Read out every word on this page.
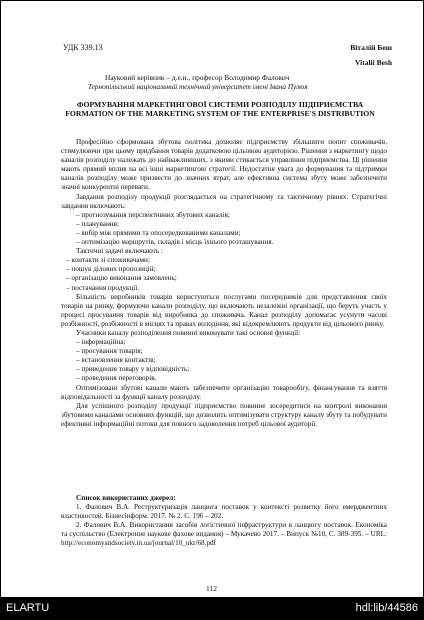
УДК 339.13	Віталій Беш
Vitalii Besh
Науковий керівник – д.е.н., професор Володимир Фалович
Тернопільський національний технічний університет імені Івана Пулюя
ФОРМУВАННЯ МАРКЕТИНГОВОЇ СИСТЕМИ РОЗПОДІЛУ ПІДПРИЄМСТВА
FORMATION OF THE MARKETING SYSTEM OF THE ENTERPRISE'S DISTRIBUTION

Професійно сформована збутова політика дозволяє підприємству збільшити попит споживачів, стимулюючи при цьому придбання товарів додатковою цільовою аудиторією. Рішення з маркетингу щодо каналів розподілу належать до найважливіших, з якими стикається управління підприємства. Ці рішення мають прямий вплив на всі інші маркетингові стратегії. Недостатня увага до формування та підтримки каналів розподілу може призвести до значних втрат, але ефективна система збуту може забезпечити значні конкурентні переваги.

Завдання розподілу продукції розглядається на стратегічному та тактичному рівнях. Стратегічні завдання включають:

– прогнозування перспективних збутових каналів;

– планування;

– вибір між прямими та опосередкованими каналами;

– оптимізацію маршрутів, складів і місць їхнього розташування.

Тактичні задачі включають :

– контакти зі споживачами;

– пошук ділових пропозицій;

– організацію виконання замовлень;

– постачання продукції.

Більшість виробників товарів користуються послугами посередників для представлення своїх товарів на ринку, формуючи канали розподілу, що включають незалежні організації, що беруть участь у процесі просування товарів від виробника до споживача. Канал розподілу допомагає усунути часові розбіжності, розбіжності в місцях та правах володіння, які відокремлюють продукти від цільового ринку.

Учасники каналу розподілення повинні виконувати такі основні функції:

– інформаційна;

– просування товарів;

– встановлення контактів;

– приведення товару у відповідність;

– проведення переговорів.

Оптимізовані збутові канали мають забезпечити організацію товарообігу, фінансування та взяття відповідальності за функції каналу розподілу.

Для успішного розподілу продукції підприємство повинне зосередитися на контролі виконання збутовими каналами основних функцій, що дозволить оптимізувати структуру каналу збуту та побудувати ефективні інформаційні потоки для повного задоволення потреб цільової аудиторії.

Список використаних джерел:

1. Фалович В.А. Реструктуризація ланцюга поставок у контексті розвитку його емерджентних властивостей. Бізнесінформ. 2017. № 2. С. 196 – 202.

2. Фалович В.А. Використання засобів логістичної інфраструктури в ланцюгу поставок. Економіка та суспільство (Електронне наукове фахове видання) – Мукачево 2017. – Випуск №10, С. 389-395. – URL: http://economyandsociety.in.ua/journal/10_ukr/68.pdf

112
ELARTU	hdl:lib/44586
